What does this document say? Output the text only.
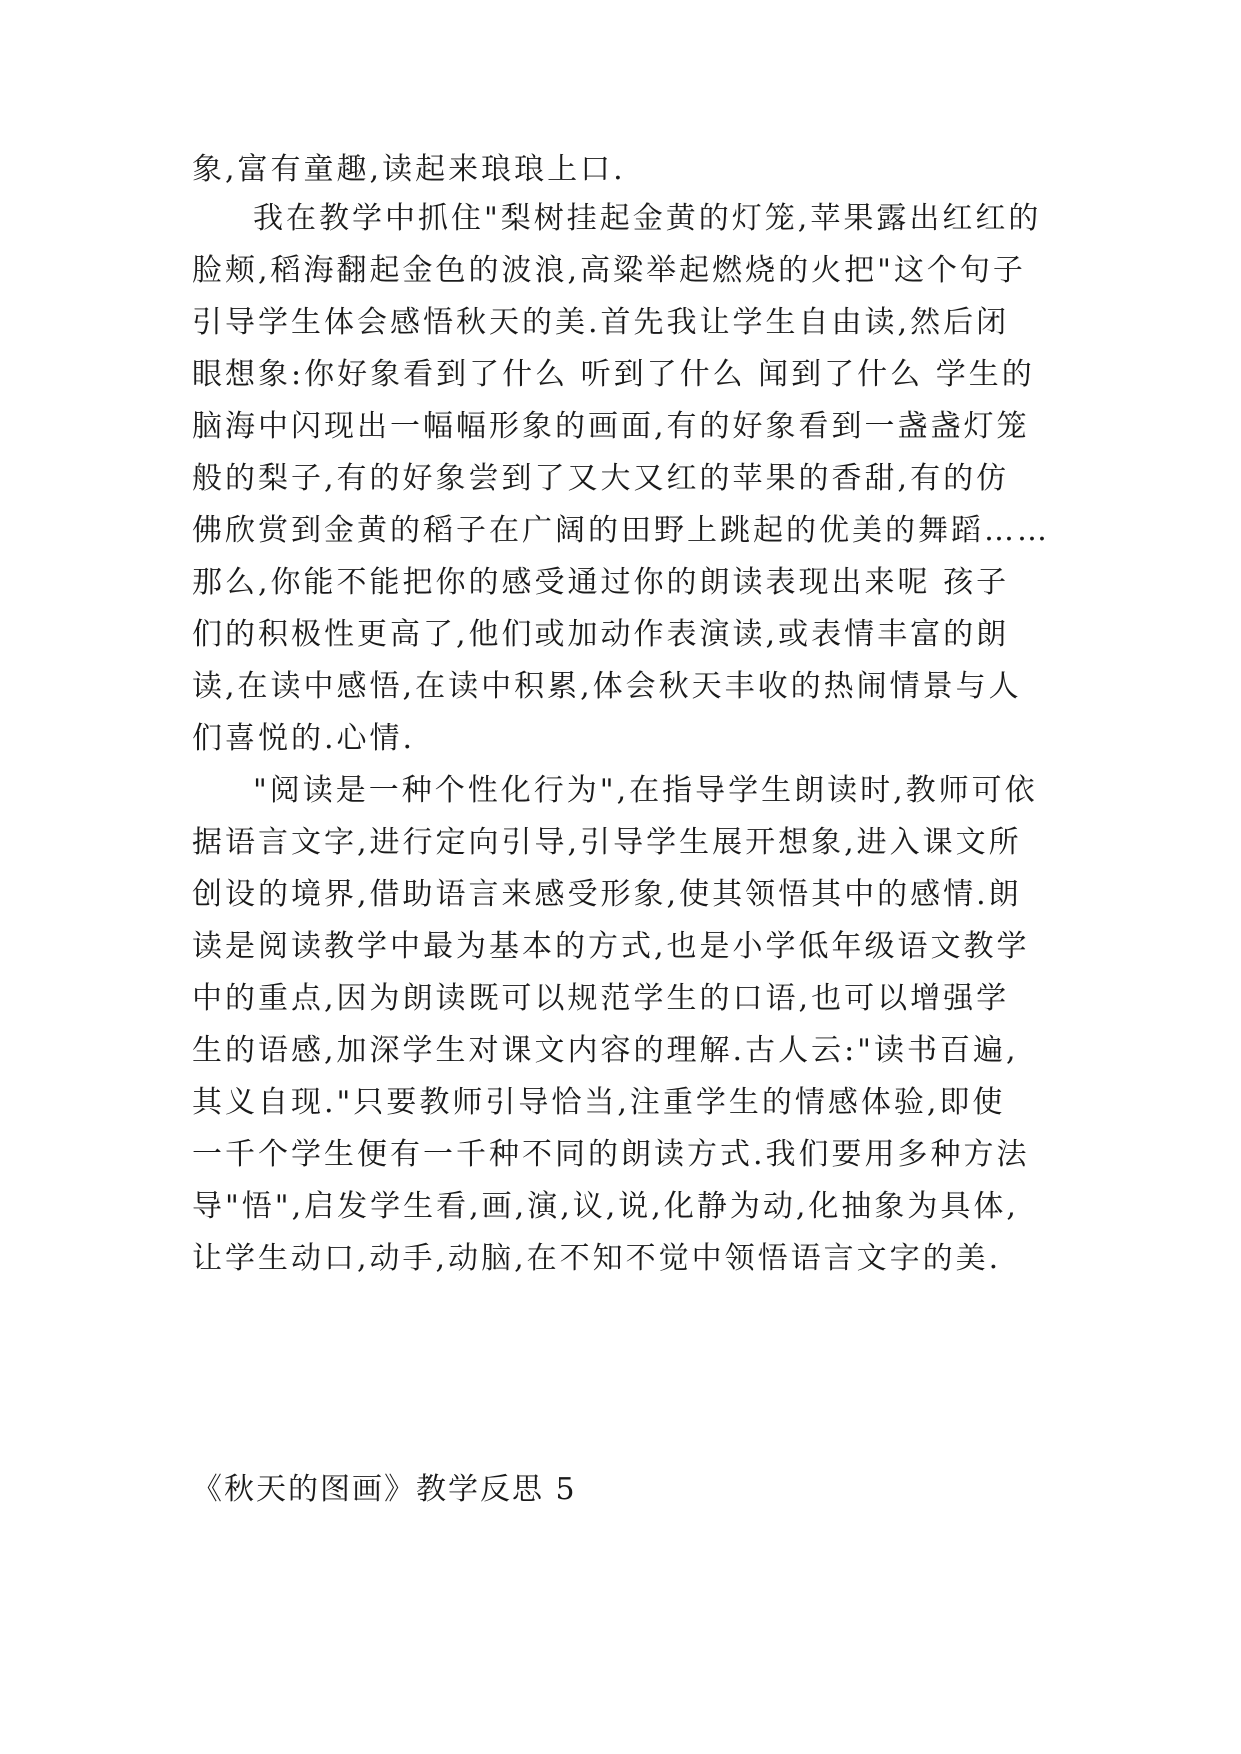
象,富有童趣,读起来琅琅上口.
我在教学中抓住"梨树挂起金黄的灯笼,苹果露出红红的
脸颊,稻海翻起金色的波浪,高粱举起燃烧的火把"这个句子
引导学生体会感悟秋天的美.首先我让学生自由读,然后闭
眼想象:你好象看到了什么 听到了什么 闻到了什么 学生的
脑海中闪现出一幅幅形象的画面,有的好象看到一盏盏灯笼
般的梨子,有的好象尝到了又大又红的苹果的香甜,有的仿
佛欣赏到金黄的稻子在广阔的田野上跳起的优美的舞蹈……
那么,你能不能把你的感受通过你的朗读表现出来呢 孩子
们的积极性更高了,他们或加动作表演读,或表情丰富的朗
读,在读中感悟,在读中积累,体会秋天丰收的热闹情景与人
们喜悦的.心情.
"阅读是一种个性化行为",在指导学生朗读时,教师可依
据语言文字,进行定向引导,引导学生展开想象,进入课文所
创设的境界,借助语言来感受形象,使其领悟其中的感情.朗
读是阅读教学中最为基本的方式,也是小学低年级语文教学
中的重点,因为朗读既可以规范学生的口语,也可以增强学
生的语感,加深学生对课文内容的理解.古人云:"读书百遍,
其义自现."只要教师引导恰当,注重学生的情感体验,即使
一千个学生便有一千种不同的朗读方式.我们要用多种方法
导"悟",启发学生看,画,演,议,说,化静为动,化抽象为具体,
让学生动口,动手,动脑,在不知不觉中领悟语言文字的美.
《秋天的图画》教学反思 5
